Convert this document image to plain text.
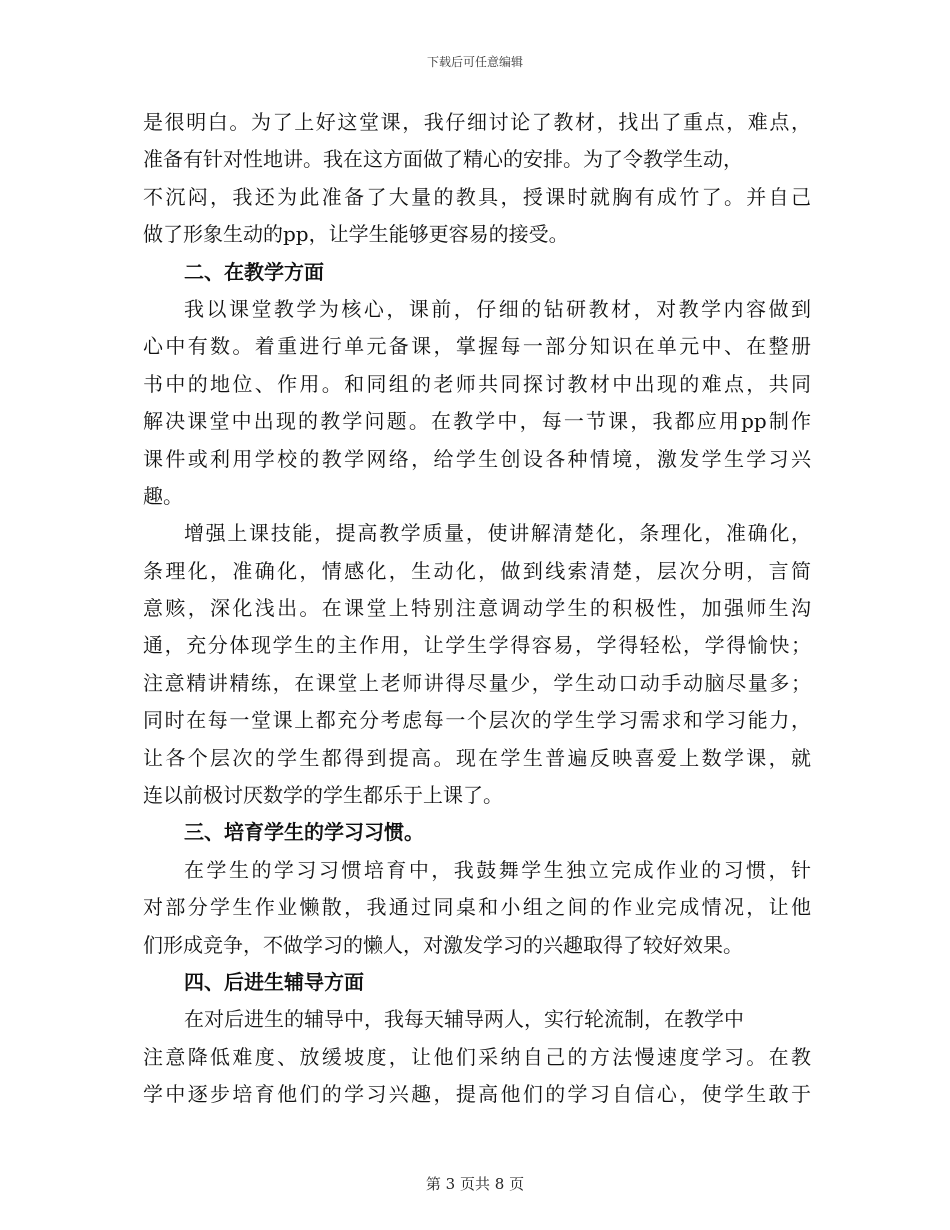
下载后可任意编辑
是很明白。为了上好这堂课，我仔细讨论了教材，找出了重点，难点，
准备有针对性地讲。我在这方面做了精心的安排。为了令教学生动，
不沉闷，我还为此准备了大量的教具，授课时就胸有成竹了。并自己
做了形象生动的pp，让学生能够更容易的接受。
二、在教学方面
我以课堂教学为核心，课前，仔细的钻研教材，对教学内容做到
心中有数。着重进行单元备课，掌握每一部分知识在单元中、在整册
书中的地位、作用。和同组的老师共同探讨教材中出现的难点，共同
解决课堂中出现的教学问题。在教学中，每一节课，我都应用pp制作
课件或利用学校的教学网络，给学生创设各种情境，激发学生学习兴
趣。
增强上课技能，提高教学质量，使讲解清楚化，条理化，准确化，
条理化，准确化，情感化，生动化，做到线索清楚，层次分明，言简
意赅，深化浅出。在课堂上特别注意调动学生的积极性，加强师生沟
通，充分体现学生的主作用，让学生学得容易，学得轻松，学得愉快；
注意精讲精练，在课堂上老师讲得尽量少，学生动口动手动脑尽量多；
同时在每一堂课上都充分考虑每一个层次的学生学习需求和学习能力，
让各个层次的学生都得到提高。现在学生普遍反映喜爱上数学课，就
连以前极讨厌数学的学生都乐于上课了。
三、培育学生的学习习惯。
在学生的学习习惯培育中，我鼓舞学生独立完成作业的习惯，针
对部分学生作业懒散，我通过同桌和小组之间的作业完成情况，让他
们形成竞争，不做学习的懒人，对激发学习的兴趣取得了较好效果。
四、后进生辅导方面
在对后进生的辅导中，我每天辅导两人，实行轮流制，在教学中
注意降低难度、放缓坡度，让他们采纳自己的方法慢速度学习。在教
学中逐步培育他们的学习兴趣，提高他们的学习自信心，使学生敢于
第 3 页共 8 页
